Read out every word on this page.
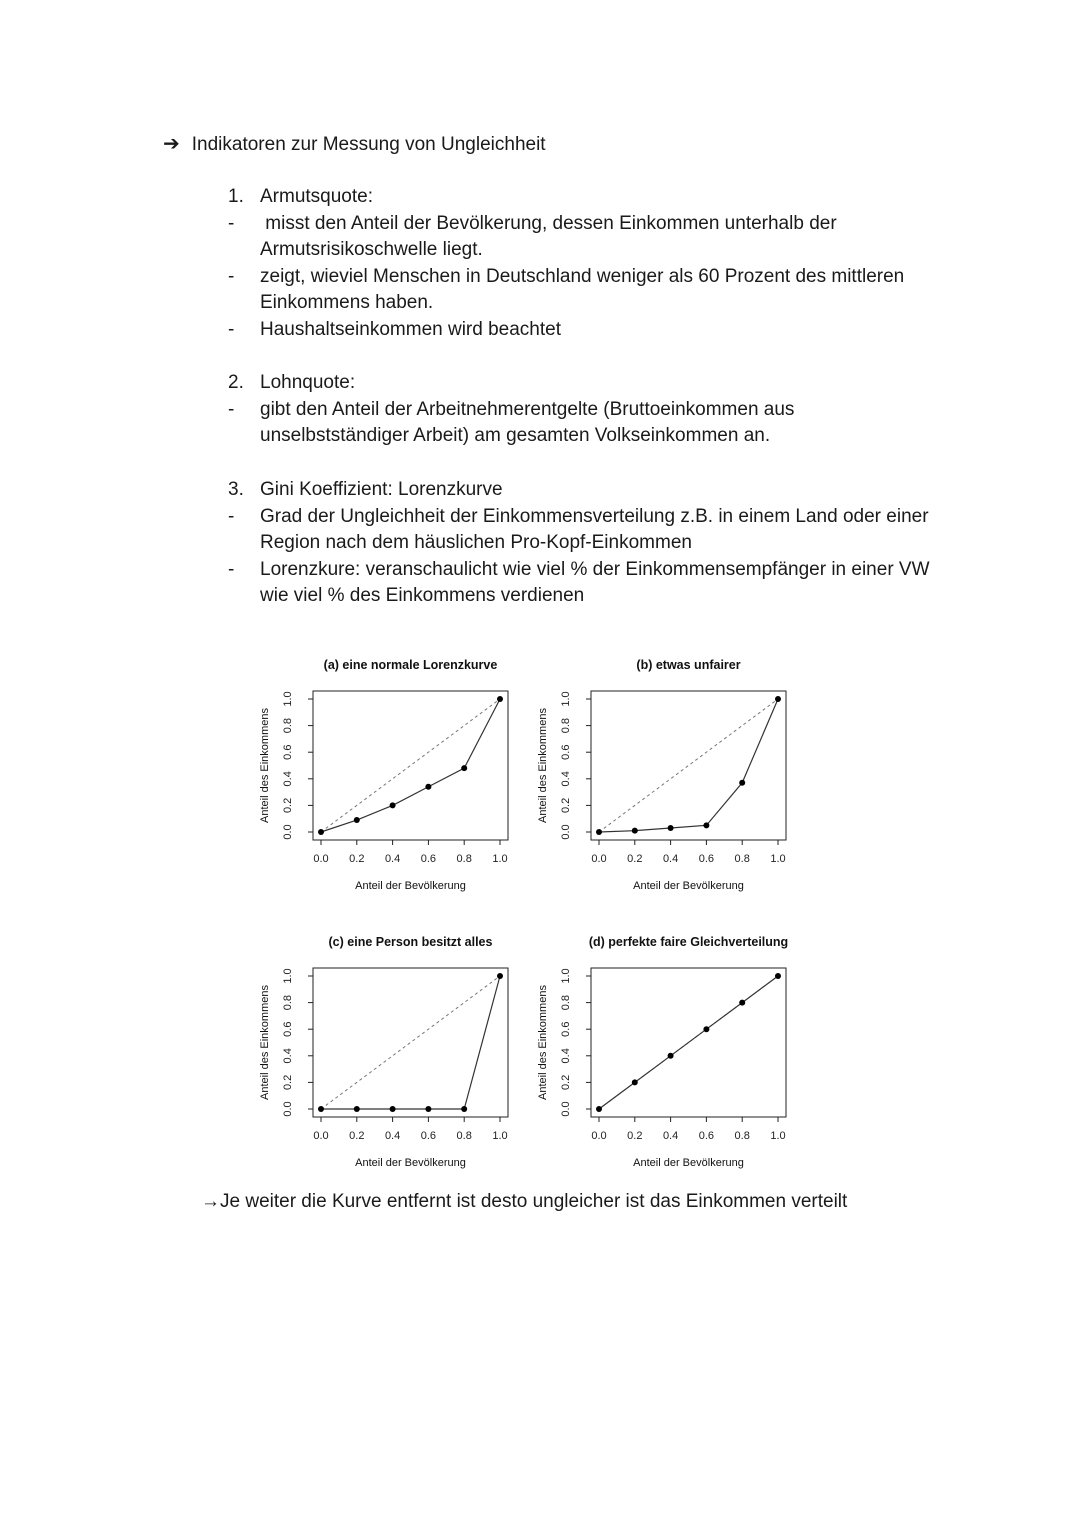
➔ Indikatoren zur Messung von Ungleichheit
1. Armutsquote:
- misst den Anteil der Bevölkerung, dessen Einkommen unterhalb der Armutsrisikoschwelle liegt.
- zeigt, wieviel Menschen in Deutschland weniger als 60 Prozent des mittleren Einkommens haben.
- Haushaltseinkommen wird beachtet
2. Lohnquote:
- gibt den Anteil der Arbeitnehmerentgelte (Bruttoeinkommen aus unselbstständiger Arbeit) am gesamten Volkseinkommen an.
3. Gini Koeffizient: Lorenzkurve
- Grad der Ungleichheit der Einkommensverteilung z.B. in einem Land oder einer Region nach dem häuslichen Pro-Kopf-Einkommen
- Lorenzkure: veranschaulicht wie viel % der Einkommensempfänger in einer VW wie viel % des Einkommens verdienen
(a) eine normale Lorenzkurve
0.0 0.2 0.4 0.6 0.8 1.0
0.0
0.2
0.4
0.6
0.8
1.0
Anteil der Bevölkerung
Anteil des Einkommens
(b) etwas unfairer
0.0 0.2 0.4 0.6 0.8 1.0
0.0
0.2
0.4
0.6
0.8
1.0
Anteil der Bevölkerung
Anteil des Einkommens
(c) eine Person besitzt alles
0.0 0.2 0.4 0.6 0.8 1.0
0.0
0.2
0.4
0.6
0.8
1.0
Anteil der Bevölkerung
Anteil des Einkommens
(d) perfekte faire Gleichverteilung
0.0 0.2 0.4 0.6 0.8 1.0
0.0
0.2
0.4
0.6
0.8
1.0
Anteil der Bevölkerung
Anteil des Einkommens
→Je weiter die Kurve entfernt ist desto ungleicher ist das Einkommen verteilt
